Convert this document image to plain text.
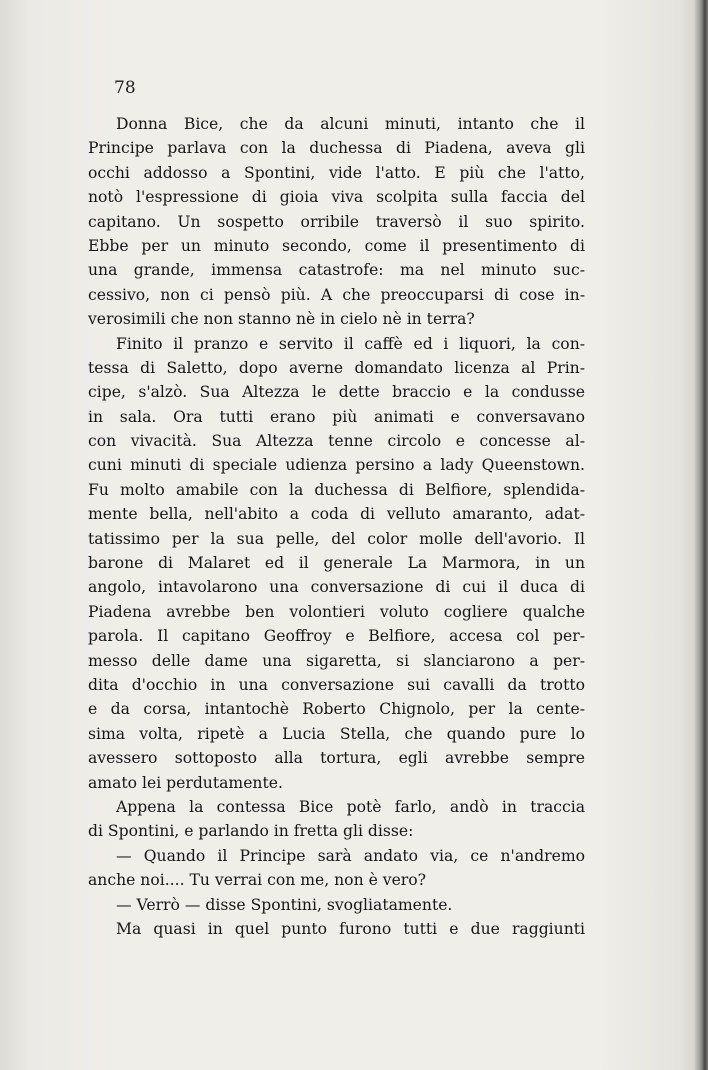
78

Donna Bice, che da alcuni minuti, intanto che il
Principe parlava con la duchessa di Piadena, aveva gli
occhi addosso a Spontini, vide l'atto. E più che l'atto,
notò l'espressione di gioia viva scolpita sulla faccia del
capitano. Un sospetto orribile traversò il suo spirito.
Ebbe per un minuto secondo, come il presentimento di
una grande, immensa catastrofe: ma nel minuto suc-
cessivo, non ci pensò più. A che preoccuparsi di cose in-
verosimili che non stanno nè in cielo nè in terra?
Finito il pranzo e servito il caffè ed i liquori, la con-
tessa di Saletto, dopo averne domandato licenza al Prin-
cipe, s'alzò. Sua Altezza le dette braccio e la condusse
in sala. Ora tutti erano più animati e conversavano
con vivacità. Sua Altezza tenne circolo e concesse al-
cuni minuti di speciale udienza persino a lady Queenstown.
Fu molto amabile con la duchessa di Belfiore, splendida-
mente bella, nell'abito a coda di velluto amaranto, adat-
tatissimo per la sua pelle, del color molle dell'avorio. Il
barone di Malaret ed il generale La Marmora, in un
angolo, intavolarono una conversazione di cui il duca di
Piadena avrebbe ben volontieri voluto cogliere qualche
parola. Il capitano Geoffroy e Belfiore, accesa col per-
messo delle dame una sigaretta, si slanciarono a per-
dita d'occhio in una conversazione sui cavalli da trotto
e da corsa, intantochè Roberto Chignolo, per la cente-
sima volta, ripetè a Lucia Stella, che quando pure lo
avessero sottoposto alla tortura, egli avrebbe sempre
amato lei perdutamente.
Appena la contessa Bice potè farlo, andò in traccia
di Spontini, e parlando in fretta gli disse:
— Quando il Principe sarà andato via, ce n'andremo
anche noi.... Tu verrai con me, non è vero?
— Verrò — disse Spontini, svogliatamente.
Ma quasi in quel punto furono tutti e due raggiunti
